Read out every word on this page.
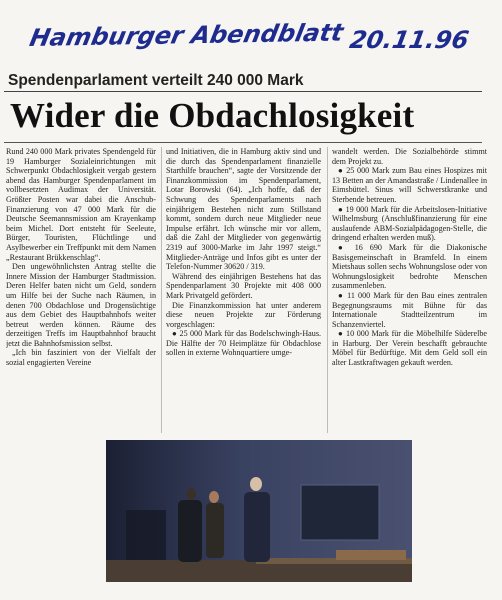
Hamburger Abendblatt 20.11.96
Spendenparlament verteilt 240 000 Mark
Wider die Obdachlosigkeit

Rund 240 000 Mark privates Spendengeld für 19 Hamburger Sozialeinrichtungen mit Schwerpunkt Obdachlosigkeit vergab gestern abend das Hamburger Spendenparlament im vollbesetzten Audimax der Universität. Größter Posten war dabei die Anschub-Finanzierung von 47 000 Mark für die Deutsche Seemannsmission am Krayenkamp beim Michel. Dort entsteht für Seeleute, Bürger, Touristen, Flüchtlinge und Asylbewerber ein Treffpunkt mit dem Namen „Restaurant Brükkenschlag“.

Den ungewöhnlichsten Antrag stellte die Innere Mission der Hamburger Stadtmission. Deren Helfer baten nicht um Geld, sondern um Hilfe bei der Suche nach Räumen, in denen 700 Obdachlose und Drogensüchtige aus dem Gebiet des Hauptbahnhofs weiter betreut werden können. Räume des derzeitigen Treffs im Hauptbahnhof braucht jetzt die Bahnhofsmission selbst.

„Ich bin fasziniert von der Vielfalt der sozial engagierten Vereine

und Initiativen, die in Hamburg aktiv sind und die durch das Spendenparlament finanzielle Starthilfe brauchen“, sagte der Vorsitzende der Finanzkommission im Spendenparlament, Lotar Borowski (64). „Ich hoffe, daß der Schwung des Spendenparlaments nach einjährigem Bestehen nicht zum Stillstand kommt, sondern durch neue Mitglieder neue Impulse erfährt. Ich wünsche mir vor allem, daß die Zahl der Mitglieder von gegenwärtig 2319 auf 3000-Marke im Jahr 1997 steigt.“ Mitglieder-Anträge und Infos gibt es unter der Telefon-Nummer 30620 / 319.

Während des einjährigen Bestehens hat das Spendenparlament 30 Projekte mit 408 000 Mark Privatgeld gefördert.

Die Finanzkommission hat unter anderem diese neuen Projekte zur Förderung vorgeschlagen:

● 25 000 Mark für das Bodelschwingh-Haus. Die Hälfte der 70 Heimplätze für Obdachlose sollen in externe Wohnquartiere umge-

wandelt werden. Die Sozialbehörde stimmt dem Projekt zu.

● 25 000 Mark zum Bau eines Hospizes mit 13 Betten an der Amandastraße / Lindenallee in Eimsbüttel. Sinus will Schwerstkranke und Sterbende betreuen.

● 19 000 Mark für die Arbeitslosen-Initiative Wilhelmsburg (Anschlußfinanzierung für eine auslaufende ABM-Sozialpädagogen-Stelle, die dringend erhalten werden muß).

● 16 690 Mark für die Diakonische Basisgemeinschaft in Bramfeld. In einem Mietshaus sollen sechs Wohnungslose oder von Wohnungslosigkeit bedrohte Menschen zusammenleben.

● 11 000 Mark für den Bau eines zentralen Begegnungsraums mit Bühne für das Internationale Stadtteilzentrum im Schanzenviertel.

● 10 000 Mark für die Möbelhilfe Süderelbe in Harburg. Der Verein beschafft gebrauchte Möbel für Bedürftige. Mit dem Geld soll ein alter Lastkraftwagen gekauft werden.
